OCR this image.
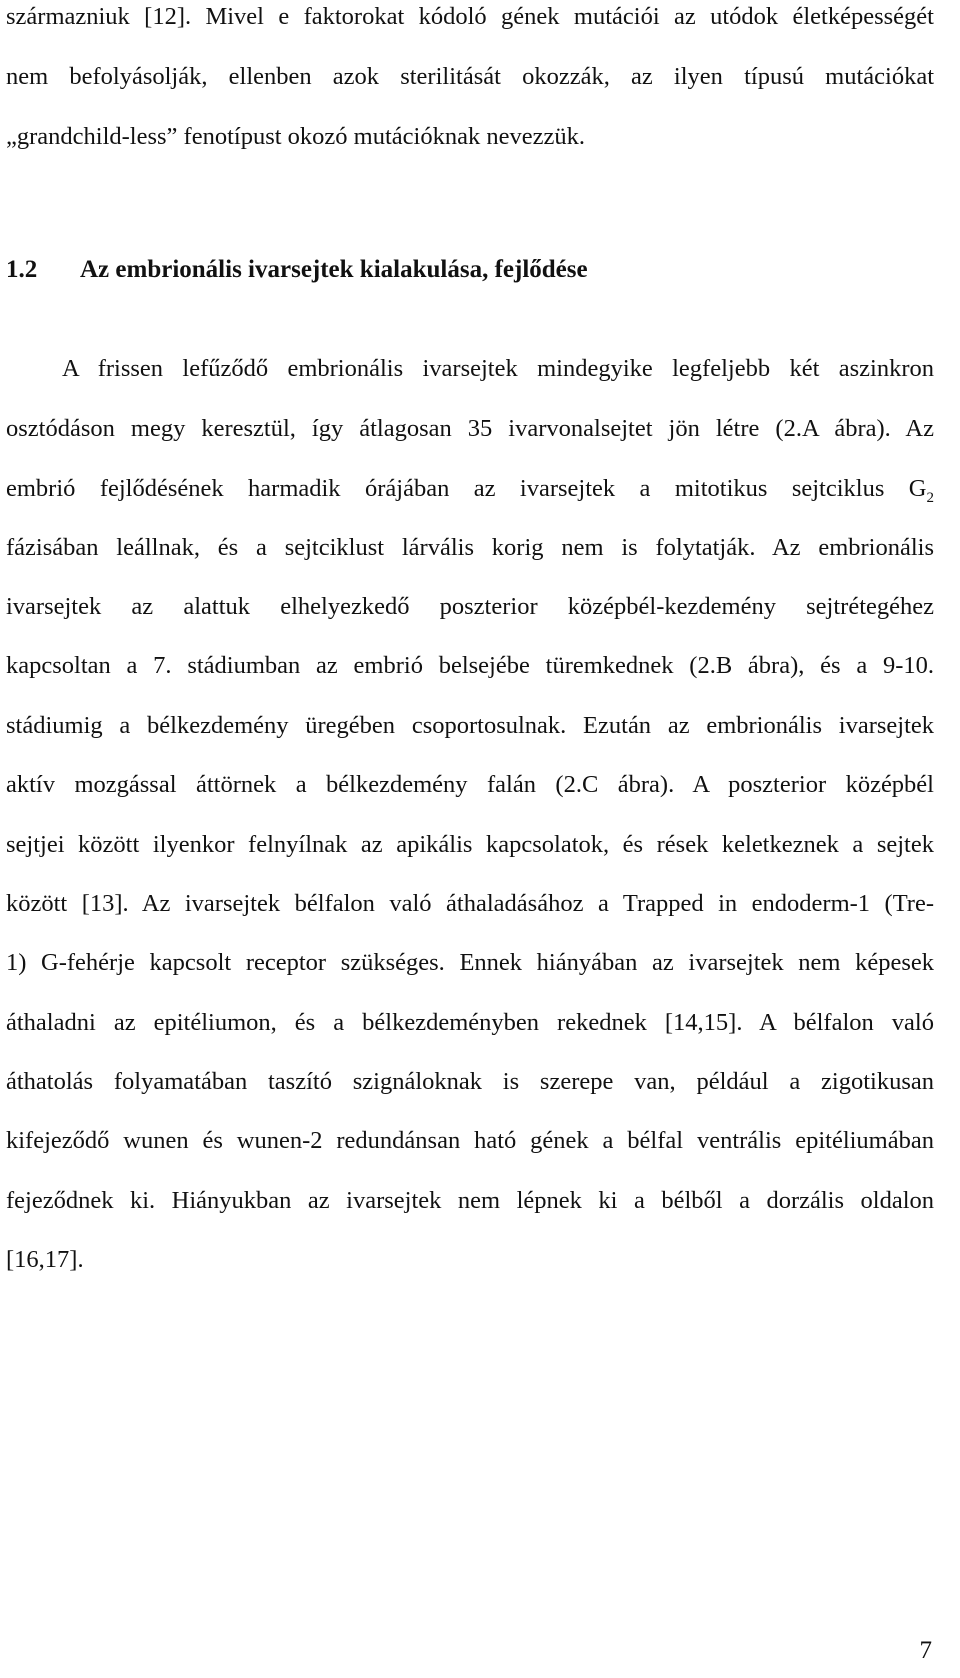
származniuk [12]. Mivel e faktorokat kódoló gének mutációi az utódok életképességét

nem befolyásolják, ellenben azok sterilitását okozzák, az ilyen típusú mutációkat

„grandchild-less” fenotípust okozó mutációknak nevezzük.

1.2 Az embrionális ivarsejtek kialakulása, fejlődése

A frissen lefűződő embrionális ivarsejtek mindegyike legfeljebb két aszinkron

osztódáson megy keresztül, így átlagosan 35 ivarvonalsejtet jön létre (2.A ábra). Az

embrió fejlődésének harmadik órájában az ivarsejtek a mitotikus sejtciklus $G_2$

fázisában leállnak, és a sejtciklust lárvális korig nem is folytatják. Az embrionális

ivarsejtek az alattuk elhelyezkedő poszterior középbél-kezdemény sejtrétegéhez

kapcsoltan a 7. stádiumban az embrió belsejébe türemkednek (2.B ábra), és a 9-10.

stádiumig a bélkezdemény üregében csoportosulnak. Ezután az embrionális ivarsejtek

aktív mozgással áttörnek a bélkezdemény falán (2.C ábra). A poszterior középbél

sejtjei között ilyenkor felnyílnak az apikális kapcsolatok, és rések keletkeznek a sejtek

között [13]. Az ivarsejtek bélfalon való áthaladásához a Trapped in endoderm-1 (Tre-

1) G-fehérje kapcsolt receptor szükséges. Ennek hiányában az ivarsejtek nem képesek

áthaladni az epitéliumon, és a bélkezdeményben rekednek [14,15]. A bélfalon való

áthatolás folyamatában taszító szignáloknak is szerepe van, például a zigotikusan

kifejeződő wunen és wunen-2 redundánsan ható gének a bélfal ventrális epitéliumában

fejeződnek ki. Hiányukban az ivarsejtek nem lépnek ki a bélből a dorzális oldalon

[16,17].

7
